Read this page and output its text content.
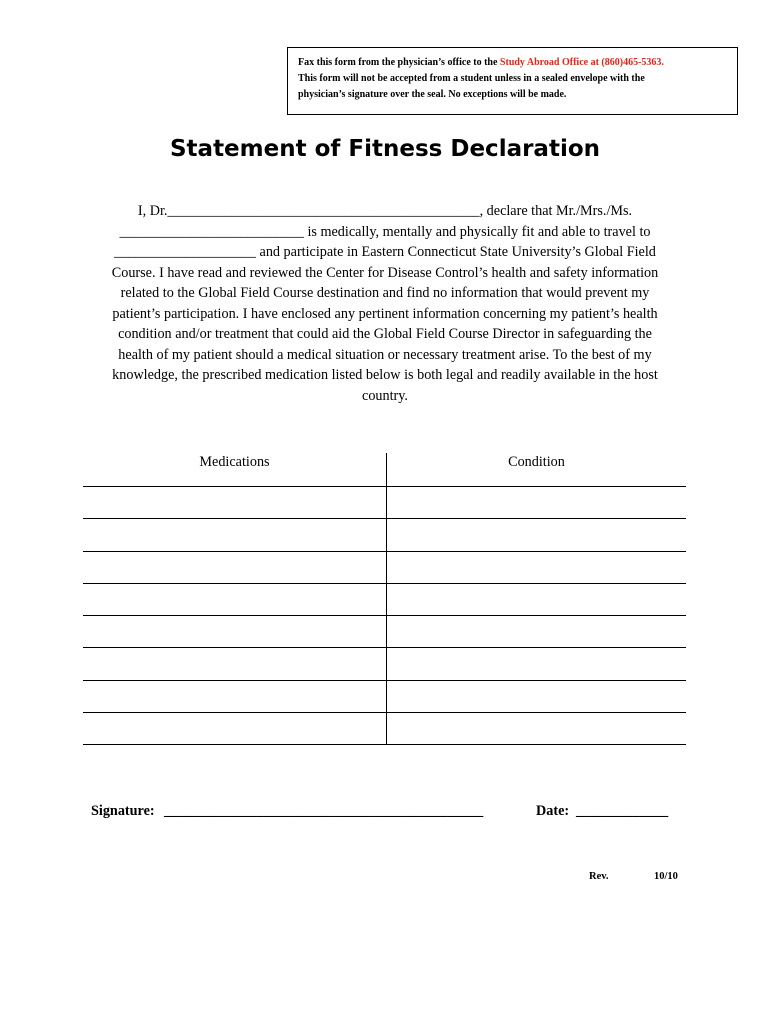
Fax this form from the physician’s office to the Study Abroad Office at (860)465-5363.
This form will not be accepted from a student unless in a sealed envelope with the
physician’s signature over the seal. No exceptions will be made.
Statement of Fitness Declaration

I, Dr.____________________________________________, declare that Mr./Mrs./Ms.

__________________________ is medically, mentally and physically fit and able to travel to

____________________ and participate in Eastern Connecticut State University’s Global Field

Course. I have read and reviewed the Center for Disease Control’s health and safety information

related to the Global Field Course destination and find no information that would prevent my

patient’s participation. I have enclosed any pertinent information concerning my patient’s health

condition and/or treatment that could aid the Global Field Course Director in safeguarding the

health of my patient should a medical situation or necessary treatment arise. To the best of my

knowledge, the prescribed medication listed below is both legal and readily available in the host

country.

Medications	Condition

Signature: _____________________________________________	Date: _____________
Rev.	10/10
